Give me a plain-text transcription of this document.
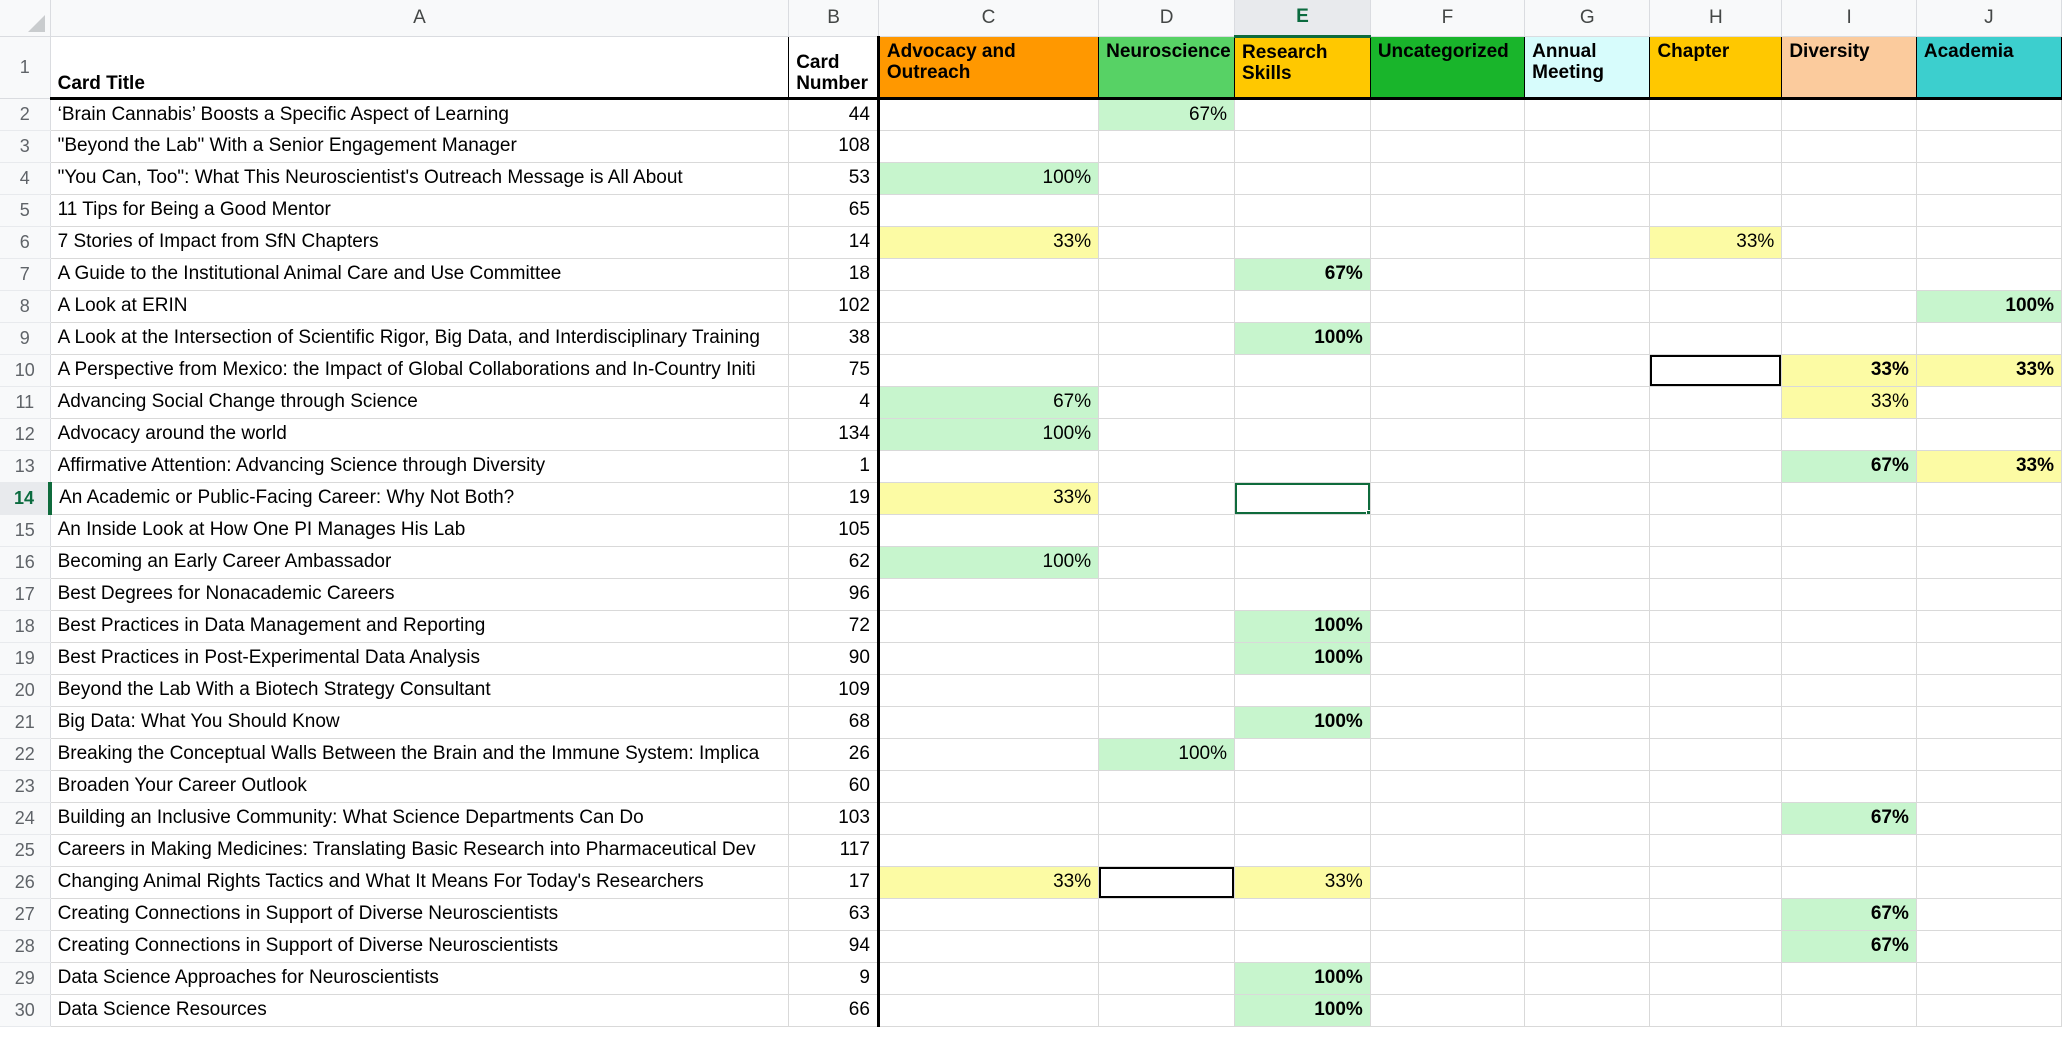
	A	B	C	D	E	F	G	H	I	J
1	Card Title	Card Number	Advocacy and Outreach	Neuroscience	Research Skills	Uncategorized	Annual Meeting	Chapter	Diversity	Academia
2	‘Brain Cannabis’ Boosts a Specific Aspect of Learning	44		67%						
3	"Beyond the Lab" With a Senior Engagement Manager	108								
4	"You Can, Too": What This Neuroscientist's Outreach Message is All About	53	100%							
5	11 Tips for Being a Good Mentor	65								
6	7 Stories of Impact from SfN Chapters	14	33%					33%		
7	A Guide to the Institutional Animal Care and Use Committee	18			67%					
8	A Look at ERIN	102								100%
9	A Look at the Intersection of Scientific Rigor, Big Data, and Interdisciplinary Training	38			100%					
10	A Perspective from Mexico: the Impact of Global Collaborations and In-Country Initi	75							33%	33%
11	Advancing Social Change through Science	4	67%						33%	
12	Advocacy around the world	134	100%							
13	Affirmative Attention: Advancing Science through Diversity	1							67%	33%
14	An Academic or Public-Facing Career: Why Not Both?	19	33%		

15	An Inside Look at How One PI Manages His Lab	105								
16	Becoming an Early Career Ambassador	62	100%							
17	Best Degrees for Nonacademic Careers	96								
18	Best Practices in Data Management and Reporting	72			100%					
19	Best Practices in Post-Experimental Data Analysis	90			100%					
20	Beyond the Lab With a Biotech Strategy Consultant	109								
21	Big Data: What You Should Know	68			100%					
22	Breaking the Conceptual Walls Between the Brain and the Immune System: Implica	26		100%						
23	Broaden Your Career Outlook	60								
24	Building an Inclusive Community: What Science Departments Can Do	103							67%	
25	Careers in Making Medicines: Translating Basic Research into Pharmaceutical Dev	117								
26	Changing Animal Rights Tactics and What It Means For Today's Researchers	17	33%		33%					
27	Creating Connections in Support of Diverse Neuroscientists	63							67%	
28	Creating Connections in Support of Diverse Neuroscientists	94							67%	
29	Data Science Approaches for Neuroscientists	9			100%					
30	Data Science Resources	66			100%					
